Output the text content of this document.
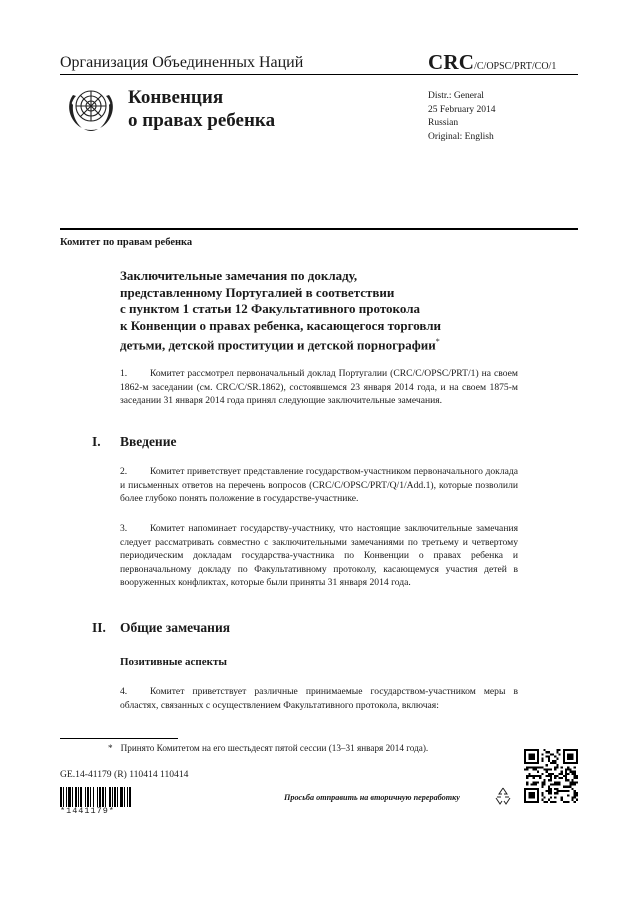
Организация Объединенных Наций	CRC/C/OPSC/PRT/CO/1
Конвенция
о правах ребенка
Distr.: General
25 February 2014
Russian
Original: English
Комитет по правам ребенка
Заключительные замечания по докладу,
представленному Португалией в соответствии
с пунктом 1 статьи 12 Факультативного протокола
к Конвенции о правах ребенка, касающегося торговли
детьми, детской проституции и детской порнографии*
1. Комитет рассмотрел первоначальный доклад Португалии (CRC/C/OPSC/PRT/1) на своем 1862-м заседании (см. CRC/C/SR.1862), состоявшемся 23 января 2014 года, и на своем 1875-м заседании 31 января 2014 года принял следующие заключительные замечания.
I. Введение
2. Комитет приветствует представление государством-участником первоначального доклада и письменных ответов на перечень вопросов (CRC/C/OPSC/PRT/Q/1/Add.1), которые позволили более глубоко понять положение в государстве-участнике.
3. Комитет напоминает государству-участнику, что настоящие заключительные замечания следует рассматривать совместно с заключительными замечаниями по третьему и четвертому периодическим докладам государства-участника по Конвенции о правах ребенка и первоначальному докладу по Факультативному протоколу, касающемуся участия детей в вооруженных конфликтах, которые были приняты 31 января 2014 года.
II. Общие замечания
Позитивные аспекты
4. Комитет приветствует различные принимаемые государством-участником меры в областях, связанных с осуществлением Факультативного протокола, включая:
* Принято Комитетом на его шестьдесят пятой сессии (13–31 января 2014 года).
GE.14-41179 (R) 110414 110414
*1441179*
Просьба отправить на вторичную переработку
